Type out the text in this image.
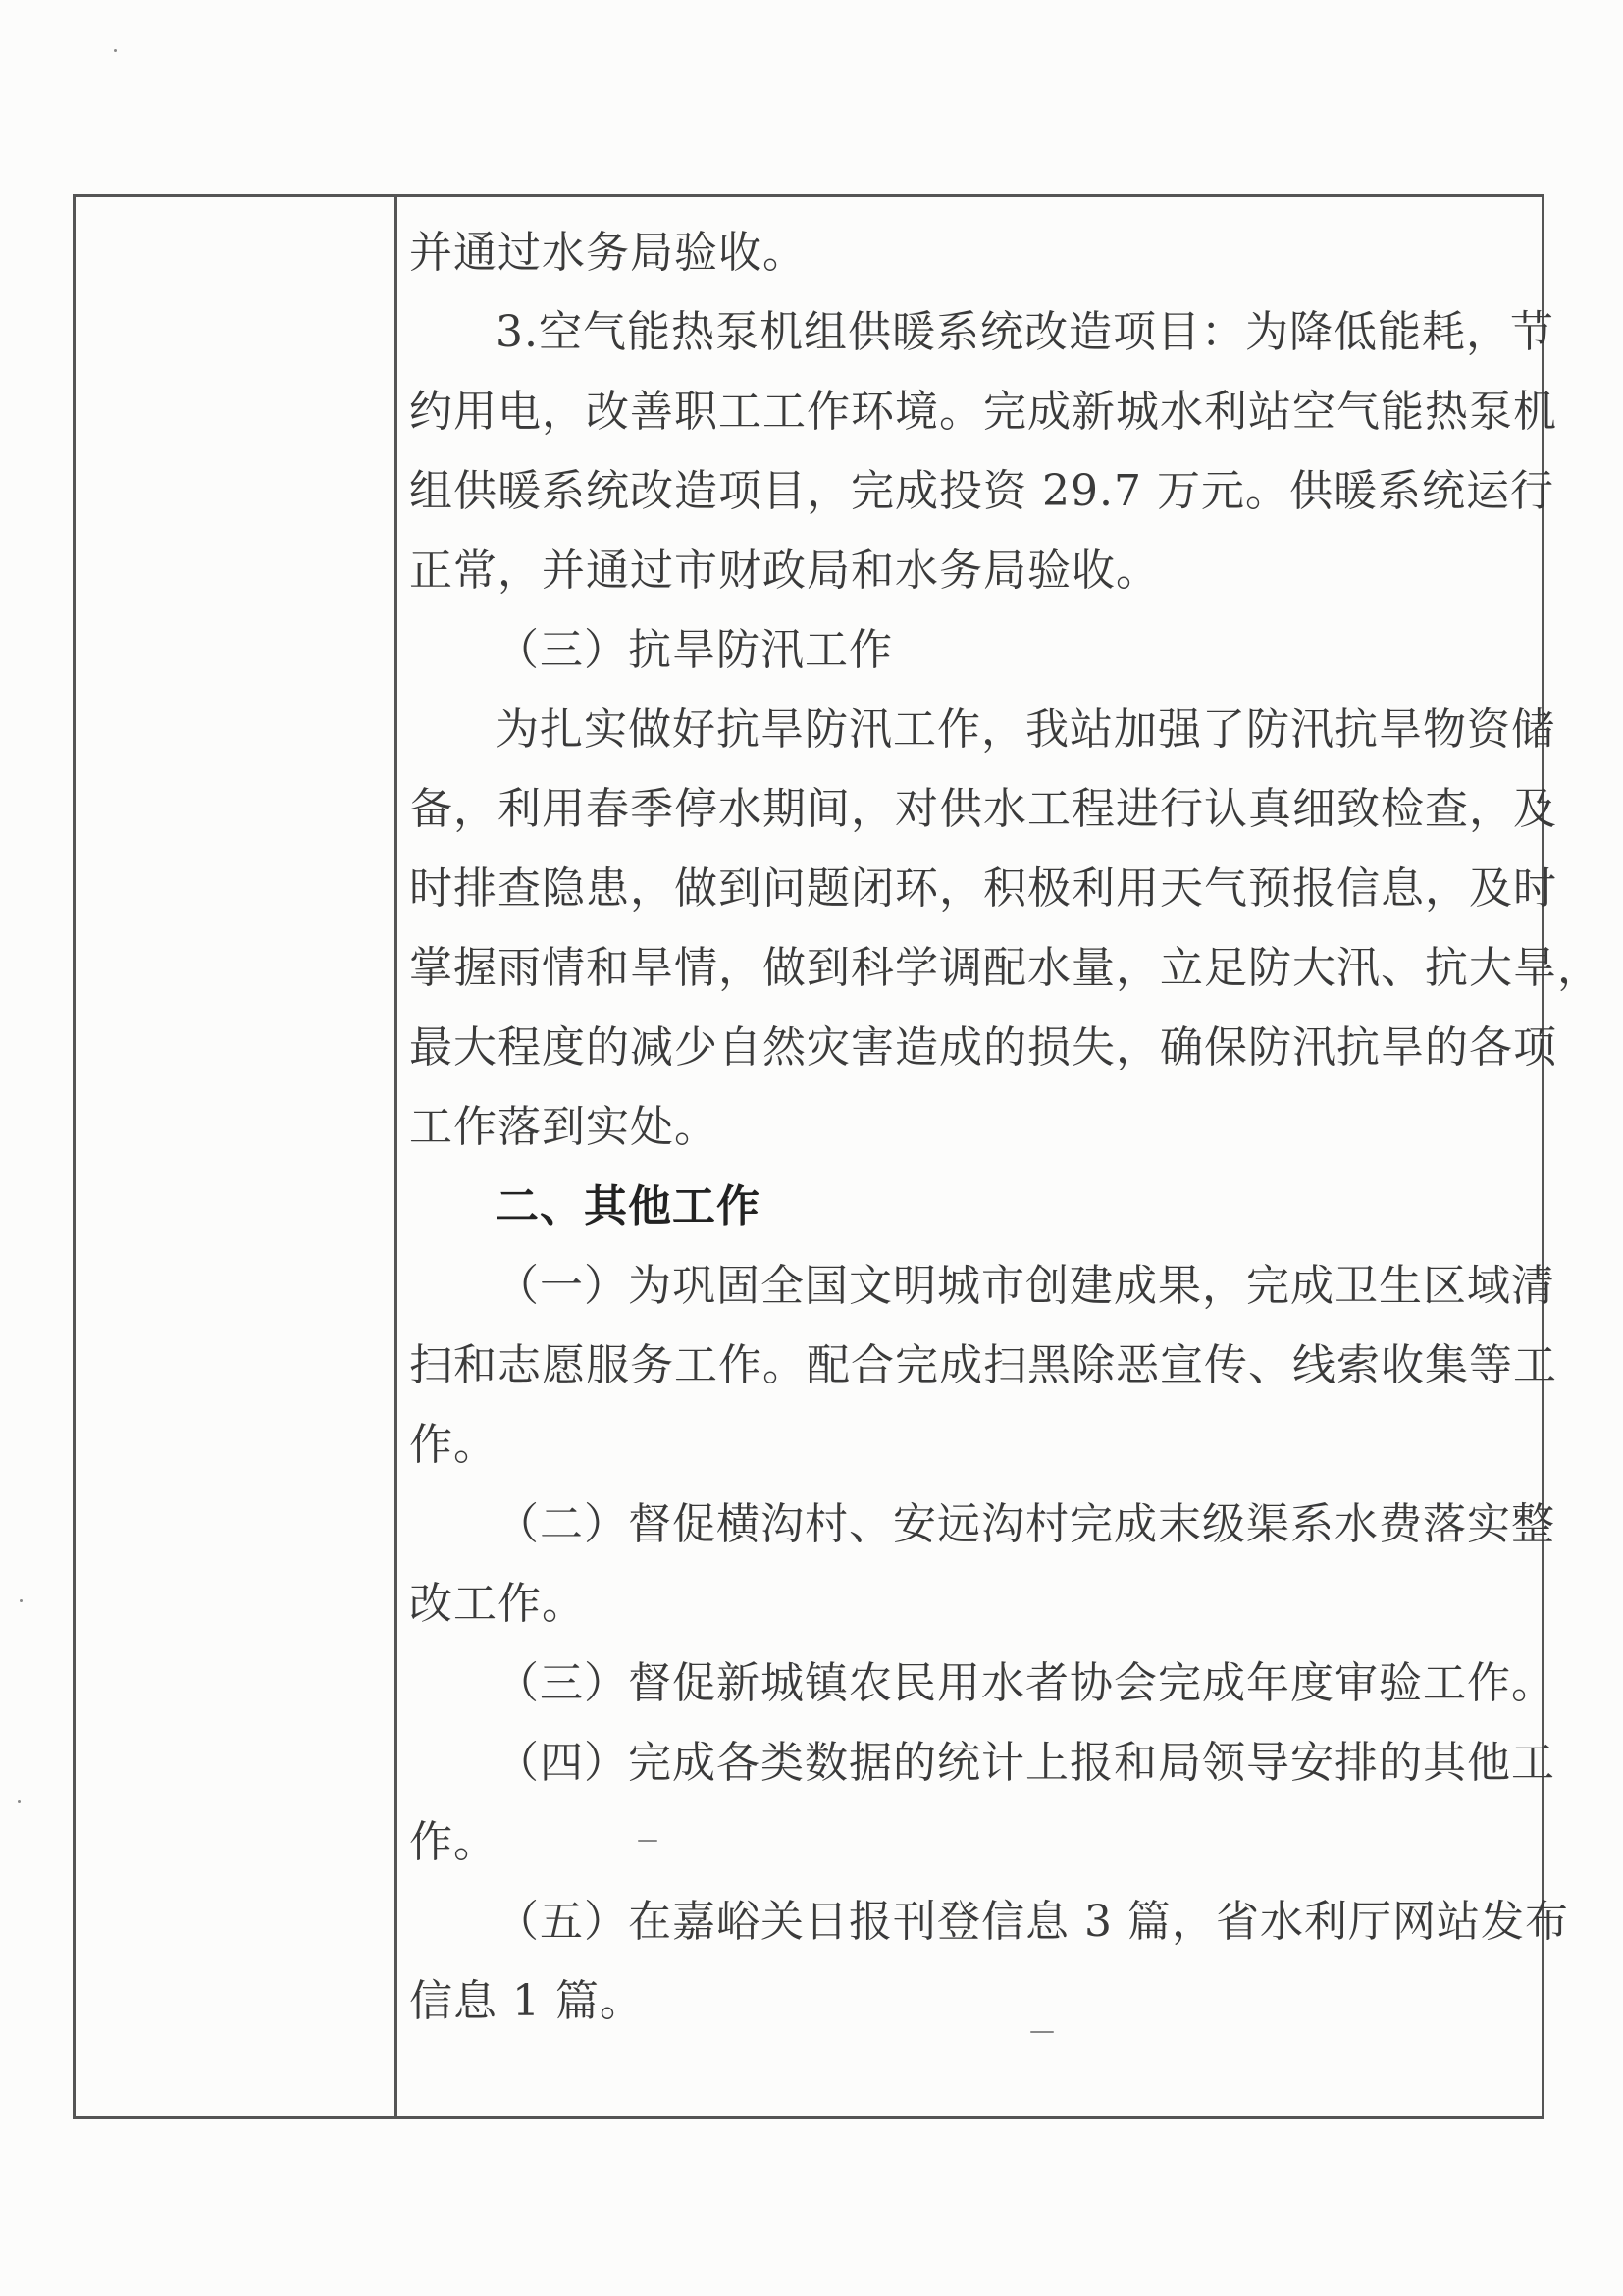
并通过水务局验收。

3.空气能热泵机组供暖系统改造项目：为降低能耗，节

约用电，改善职工工作环境。完成新城水利站空气能热泵机

组供暖系统改造项目，完成投资 29.7 万元。供暖系统运行

正常，并通过市财政局和水务局验收。

（三）抗旱防汛工作

为扎实做好抗旱防汛工作，我站加强了防汛抗旱物资储

备，利用春季停水期间，对供水工程进行认真细致检查，及

时排查隐患，做到问题闭环，积极利用天气预报信息，及时

掌握雨情和旱情，做到科学调配水量，立足防大汛、抗大旱，

最大程度的减少自然灾害造成的损失，确保防汛抗旱的各项

工作落到实处。

二、其他工作

（一）为巩固全国文明城市创建成果，完成卫生区域清

扫和志愿服务工作。配合完成扫黑除恶宣传、线索收集等工

作。

（二）督促横沟村、安远沟村完成末级渠系水费落实整

改工作。

（三）督促新城镇农民用水者协会完成年度审验工作。

（四）完成各类数据的统计上报和局领导安排的其他工

作。

（五）在嘉峪关日报刊登信息 3 篇，省水利厅网站发布

信息 1 篇。
